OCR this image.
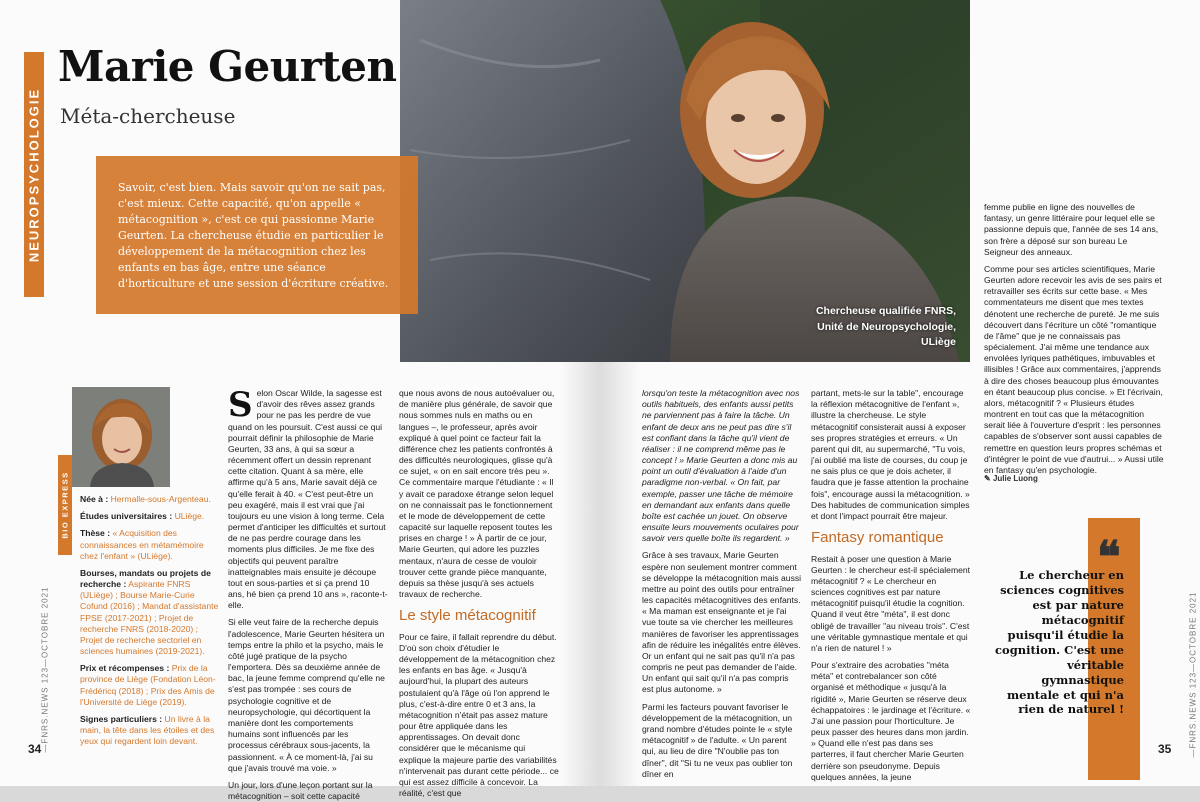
NEUROPSYCHOLOGIE
Marie Geurten
Méta-chercheuse
BIO EXPRESS Née à : Hermalle-sous-Argenteau.
Études universitaires : ULiège.
Thèse : « Acquisition des connaissances en métamémoire chez l'enfant » (ULiège).
Bourses, mandats ou projets de recherche : Aspirante FNRS (ULiège) ; Bourse Marie-Curie Cofund (2016) ; Mandat d'assistante FPSE (2017-2021) ; Projet de recherche FNRS (2018-2020) ; Projet de recherche sectoriel en sciences humaines (2019-2021).
Prix et récompenses : Prix de la province de Liège (Fondation Léon-Frédéricq (2018) ; Prix des Amis de l'Université de Liège (2019).
Signes particuliers : Un livre à la main, la tête dans les étoiles et des yeux qui regardent loin devant.

Selon Oscar Wilde, la sagesse est d'avoir des rêves assez grands pour ne pas les perdre de vue quand on les poursuit. C'est aussi ce qui pourrait définir la philosophie de Marie Geurten, 33 ans, à qui sa sœur a récemment offert un dessin reprenant cette citation. Quant à sa mère, elle affirme qu'à 5 ans, Marie savait déjà ce qu'elle ferait à 40. « C'est peut-être un peu exagéré, mais il est vrai que j'ai toujours eu une vision à long terme. Cela permet d'anticiper les difficultés et surtout de ne pas perdre courage dans les moments plus difficiles. Je me fixe des objectifs qui peuvent paraître inatteignables mais ensuite je découpe tout en sous-parties et si ça prend 10 ans, hé bien ça prend 10 ans », raconte-t-elle.

Si elle veut faire de la recherche depuis l'adolescence, Marie Geurten hésitera un temps entre la philo et la psycho, mais le côté jugé pratique de la psycho l'emportera. Dès sa deuxième année de bac, la jeune femme comprend qu'elle ne s'est pas trompée : ses cours de psychologie cognitive et de neuropsychologie, qui décortiquent la manière dont les comportements humains sont influencés par les processus cérébraux sous-jacents, la passionnent. « À ce moment-là, j'ai su que j'avais trouvé ma voie. »

Un jour, lors d'une leçon portant sur la métacognition – soit cette capacité

que nous avons de nous autoévaluer ou, de manière plus générale, de savoir que nous sommes nuls en maths ou en langues –, le professeur, après avoir expliqué à quel point ce facteur fait la différence chez les patients confrontés à des difficultés neurologiques, glisse qu'à ce sujet, « on en sait encore très peu ». Ce commentaire marque l'étudiante : « Il y avait ce paradoxe étrange selon lequel on ne connaissait pas le fonctionnement et le mode de développement de cette capacité sur laquelle reposent toutes les prises en charge ! » À partir de ce jour, Marie Geurten, qui adore les puzzles mentaux, n'aura de cesse de vouloir trouver cette grande pièce manquante, depuis sa thèse jusqu'à ses actuels travaux de recherche.

Le style métacognitif

Pour ce faire, il fallait reprendre du début. D'où son choix d'étudier le développement de la métacognition chez les enfants en bas âge. « Jusqu'à aujourd'hui, la plupart des auteurs postulaient qu'à l'âge où l'on apprend le plus, c'est-à-dire entre 0 et 3 ans, la métacognition n'était pas assez mature pour être appliquée dans les apprentissages. On devait donc considérer que le mécanisme qui explique la majeure partie des variabilités n'intervenait pas durant cette période... ce qui est assez difficile à concevoir. La réalité, c'est que

34 —FNRS.NEWS 123—OCTOBRE 2021

lorsqu'on teste la métacognition avec nos outils habituels, des enfants aussi petits ne parviennent pas à faire la tâche. Un enfant de deux ans ne peut pas dire s'il est confiant dans la tâche qu'il vient de réaliser : il ne comprend même pas le concept ! » Marie Geurten a donc mis au point un outil d'évaluation à l'aide d'un paradigme non-verbal. « On fait, par exemple, passer une tâche de mémoire en demandant aux enfants dans quelle boîte est cachée un jouet. On observe ensuite leurs mouvements oculaires pour savoir vers quelle boîte ils regardent. »

Grâce à ses travaux, Marie Geurten espère non seulement montrer comment se développe la métacognition mais aussi mettre au point des outils pour entraîner les capacités métacognitives des enfants. « Ma maman est enseignante et je l'ai vue toute sa vie chercher les meilleures manières de favoriser les apprentissages afin de réduire les inégalités entre élèves. Or un enfant qui ne sait pas qu'il n'a pas compris ne peut pas demander de l'aide. Un enfant qui sait qu'il n'a pas compris est plus autonome. »

Parmi les facteurs pouvant favoriser le développement de la métacognition, un grand nombre d'études pointe le « style métacognitif » de l'adulte. « Un parent qui, au lieu de dire "N'oublie pas ton dîner", dit "Si tu ne veux pas oublier ton dîner en

partant, mets-le sur la table", encourage la réflexion métacognitive de l'enfant », illustre la chercheuse. Le style métacognitif consisterait aussi à exposer ses propres stratégies et erreurs. « Un parent qui dit, au supermarché, "Tu vois, j'ai oublié ma liste de courses, du coup je ne sais plus ce que je dois acheter, il faudra que je fasse attention la prochaine fois", encourage aussi la métacognition. » Des habitudes de communication simples et dont l'impact pourrait être majeur.

Fantasy romantique

Restait à poser une question à Marie Geurten : le chercheur est-il spécialement métacognitif ? « Le chercheur en sciences cognitives est par nature métacognitif puisqu'il étudie la cognition. Quand il veut être "méta", il est donc obligé de travailler "au niveau trois". C'est une véritable gymnastique mentale et qui n'a rien de naturel ! »

Pour s'extraire des acrobaties "méta méta" et contrebalancer son côté organisé et méthodique « jusqu'à la rigidité », Marie Geurten se réserve deux échappatoires : le jardinage et l'écriture. « J'ai une passion pour l'horticulture. Je peux passer des heures dans mon jardin. » Quand elle n'est pas dans ses parterres, il faut chercher Marie Geurten derrière son pseudonyme. Depuis quelques années, la jeune

femme publie en ligne des nouvelles de fantasy, un genre littéraire pour lequel elle se passionne depuis que, l'année de ses 14 ans, son frère a déposé sur son bureau Le Seigneur des anneaux.

Comme pour ses articles scientifiques, Marie Geurten adore recevoir les avis de ses pairs et retravailler ses écrits sur cette base. « Mes commentateurs me disent que mes textes dénotent une recherche de pureté. Je me suis découvert dans l'écriture un côté "romantique de l'âme" que je ne connaissais pas spécialement. J'ai même une tendance aux envolées lyriques pathétiques, imbuvables et illisibles ! Grâce aux commentaires, j'apprends à dire des choses beaucoup plus émouvantes en étant beaucoup plus concise. » Et l'écrivain, alors, métacognitif ? « Plusieurs études montrent en tout cas que la métacognition serait liée à l'ouverture d'esprit : les personnes capables de s'observer sont aussi capables de remettre en question leurs propres schémas et d'intégrer le point de vue d'autrui... » Aussi utile en fantasy qu'en psychologie.

35 —FNRS.NEWS 123—OCTOBRE 2021
Chercheuse qualifiée FNRS,
Unité de Neuropsychologie,
ULiège
Savoir, c'est bien. Mais savoir qu'on ne sait pas, c'est mieux. Cette capacité, qu'on appelle « métacognition », c'est ce qui passionne Marie Geurten. La chercheuse étudie en particulier le développement de la métacognition chez les enfants en bas âge, entre une séance d'horticulture et une session d'écriture créative.
✎ Julie Luong
❝
Le chercheur en sciences cognitives est par nature métacognitif puisqu'il étudie la cognition. C'est une véritable gymnastique mentale et qui n'a rien de naturel !
